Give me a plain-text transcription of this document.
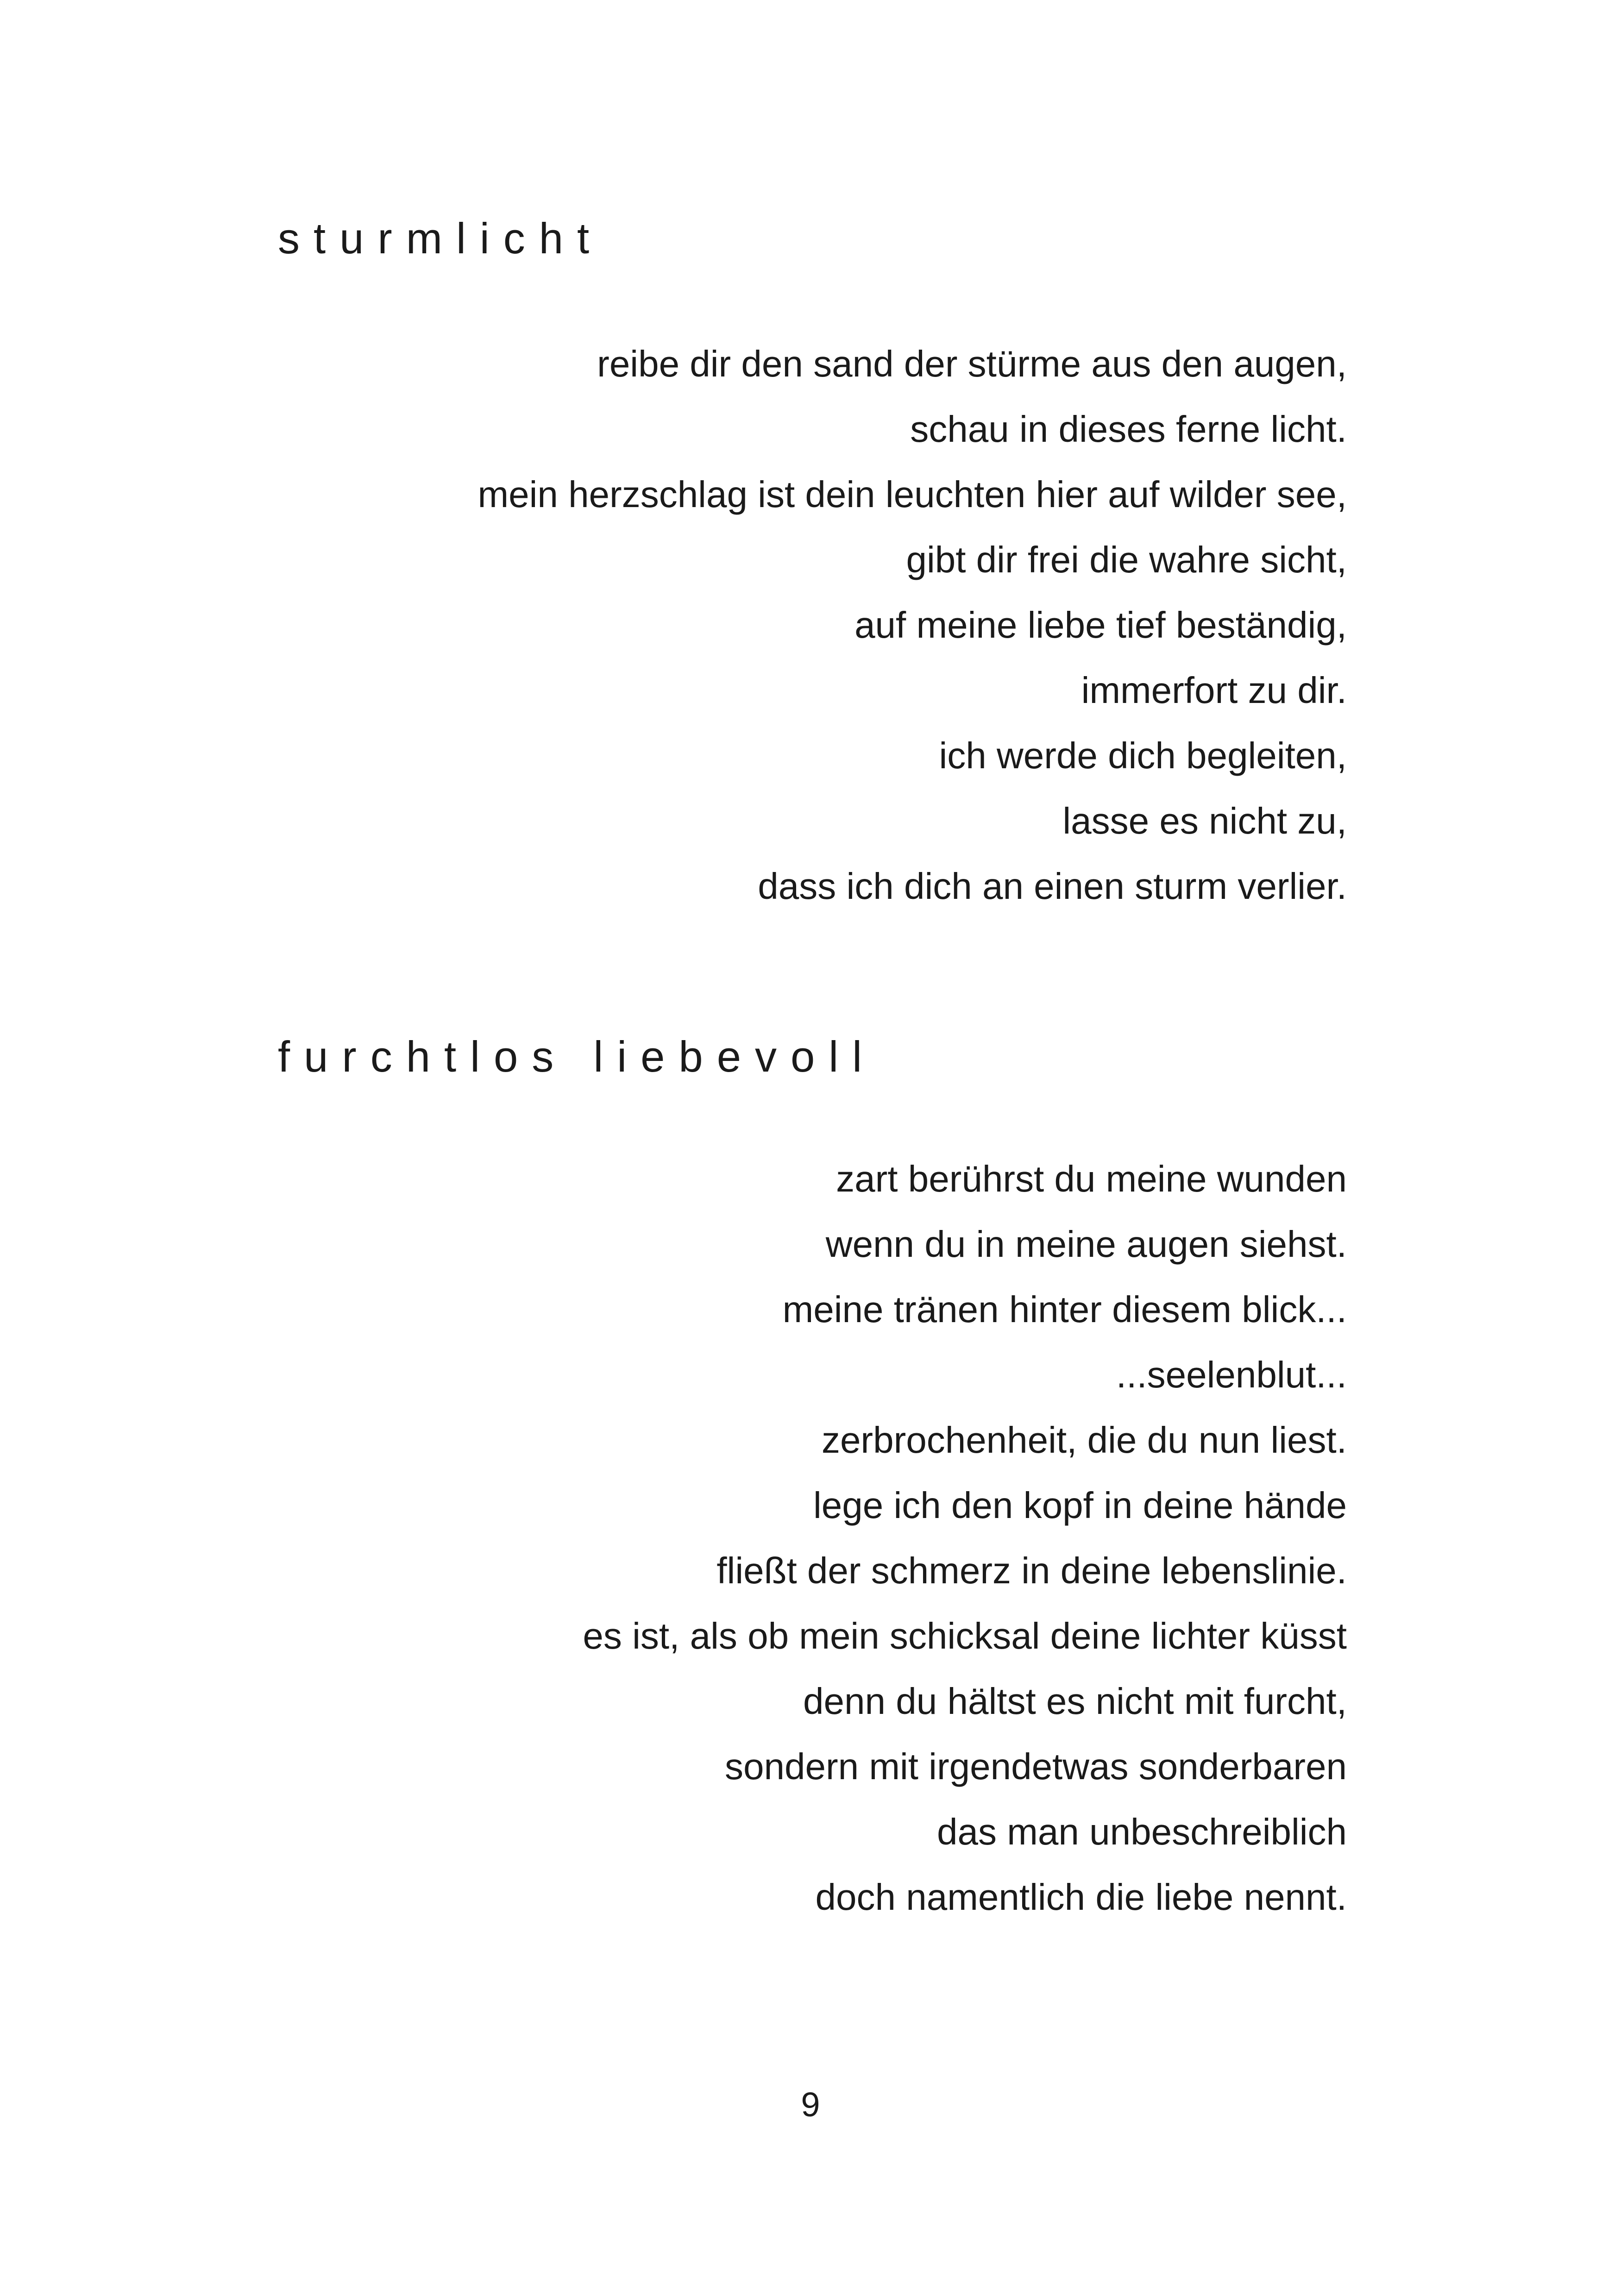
sturmlicht
reibe dir den sand der stürme aus den augen,
schau in dieses ferne licht.
mein herzschlag ist dein leuchten hier auf wilder see,
gibt dir frei die wahre sicht,
auf meine liebe tief beständig,
immerfort zu dir.
ich werde dich begleiten,
lasse es nicht zu,
dass ich dich an einen sturm verlier.
furchtlos liebevoll
zart berührst du meine wunden
wenn du in meine augen siehst.
meine tränen hinter diesem blick...
...seelenblut...
zerbrochenheit, die du nun liest.
lege ich den kopf in deine hände
fließt der schmerz in deine lebenslinie.
es ist, als ob mein schicksal deine lichter küsst
denn du hältst es nicht mit furcht,
sondern mit irgendetwas sonderbaren
das man unbeschreiblich
doch namentlich die liebe nennt.

9
